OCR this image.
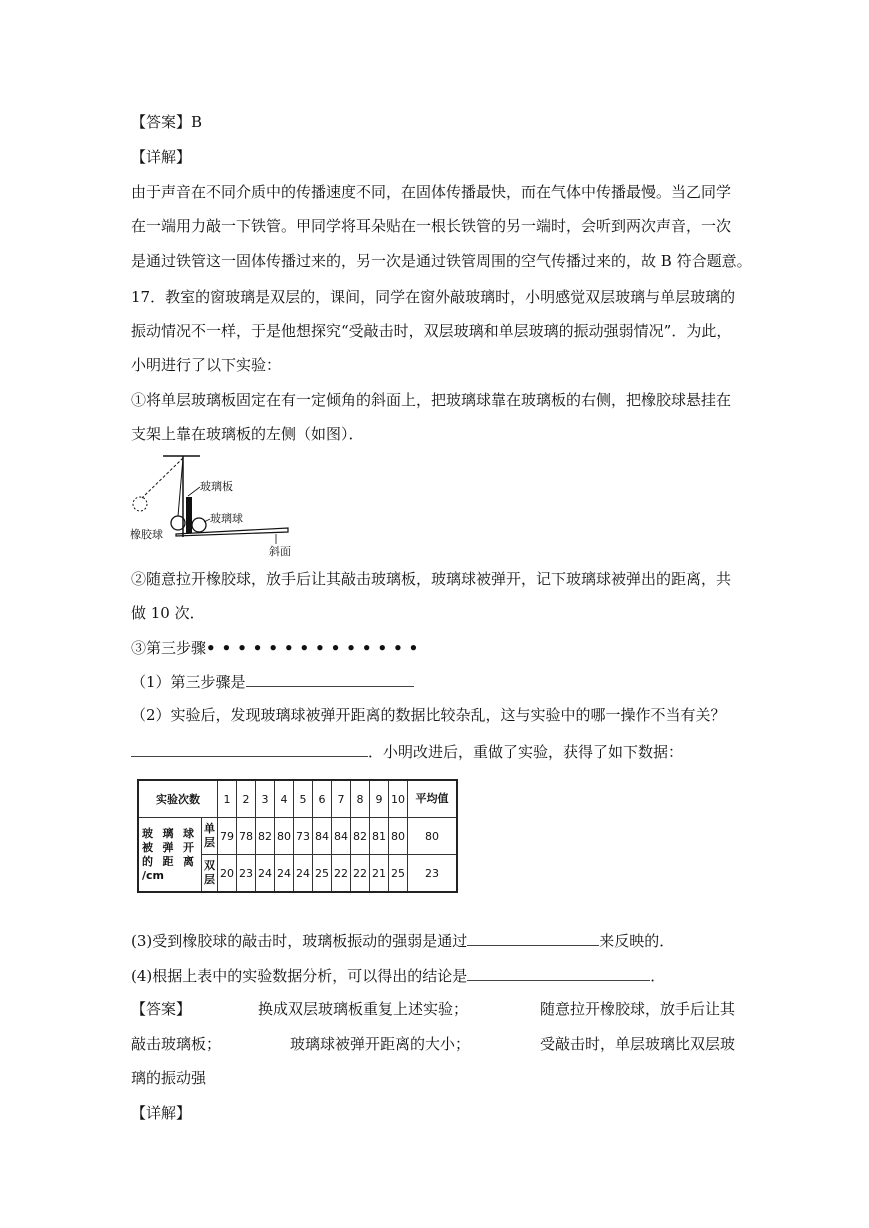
【答案】B
【详解】
由于声音在不同介质中的传播速度不同，在固体传播最快，而在气体中传播最慢。当乙同学
在一端用力敲一下铁管。甲同学将耳朵贴在一根长铁管的另一端时，会听到两次声音，一次
是通过铁管这一固体传播过来的，另一次是通过铁管周围的空气传播过来的，故 B 符合题意。
17．教室的窗玻璃是双层的，课间，同学在窗外敲玻璃时，小明感觉双层玻璃与单层玻璃的
振动情况不一样，于是他想探究“受敲击时，双层玻璃和单层玻璃的振动强弱情况”．为此，
小明进行了以下实验：
①将单层玻璃板固定在有一定倾角的斜面上，把玻璃球靠在玻璃板的右侧，把橡胶球悬挂在
支架上靠在玻璃板的左侧（如图）．
玻璃板
玻璃球
橡胶球
斜面
②随意拉开橡胶球，放手后让其敲击玻璃板，玻璃球被弹开，记下玻璃球被弹出的距离，共
做 10 次．
③第三步骤••••••••••••••
（1）第三步骤是
（2）实验后，发现玻璃球被弹开距离的数据比较杂乱，这与实验中的哪一操作不当有关？
．小明改进后，重做了实验，获得了如下数据：
实验次数		1	2	3	4	5	6	7	8	9	10	平均值

玻 璃 球 被 弹 开 的 距 离 /cm	单层	79	78	82	80	73	84	84	82	81	80	80
	双层	20	23	24	24	24	25	22	22	21	25	23
(3)受到橡胶球的敲击时，玻璃板振动的强弱是通过	来反映的．
(4)根据上表中的实验数据分析，可以得出的结论是	．
【答案】	换成双层玻璃板重复上述实验；	随意拉开橡胶球，放手后让其
敲击玻璃板；	玻璃球被弹开距离的大小；	受敲击时，单层玻璃比双层玻
璃的振动强
【详解】
